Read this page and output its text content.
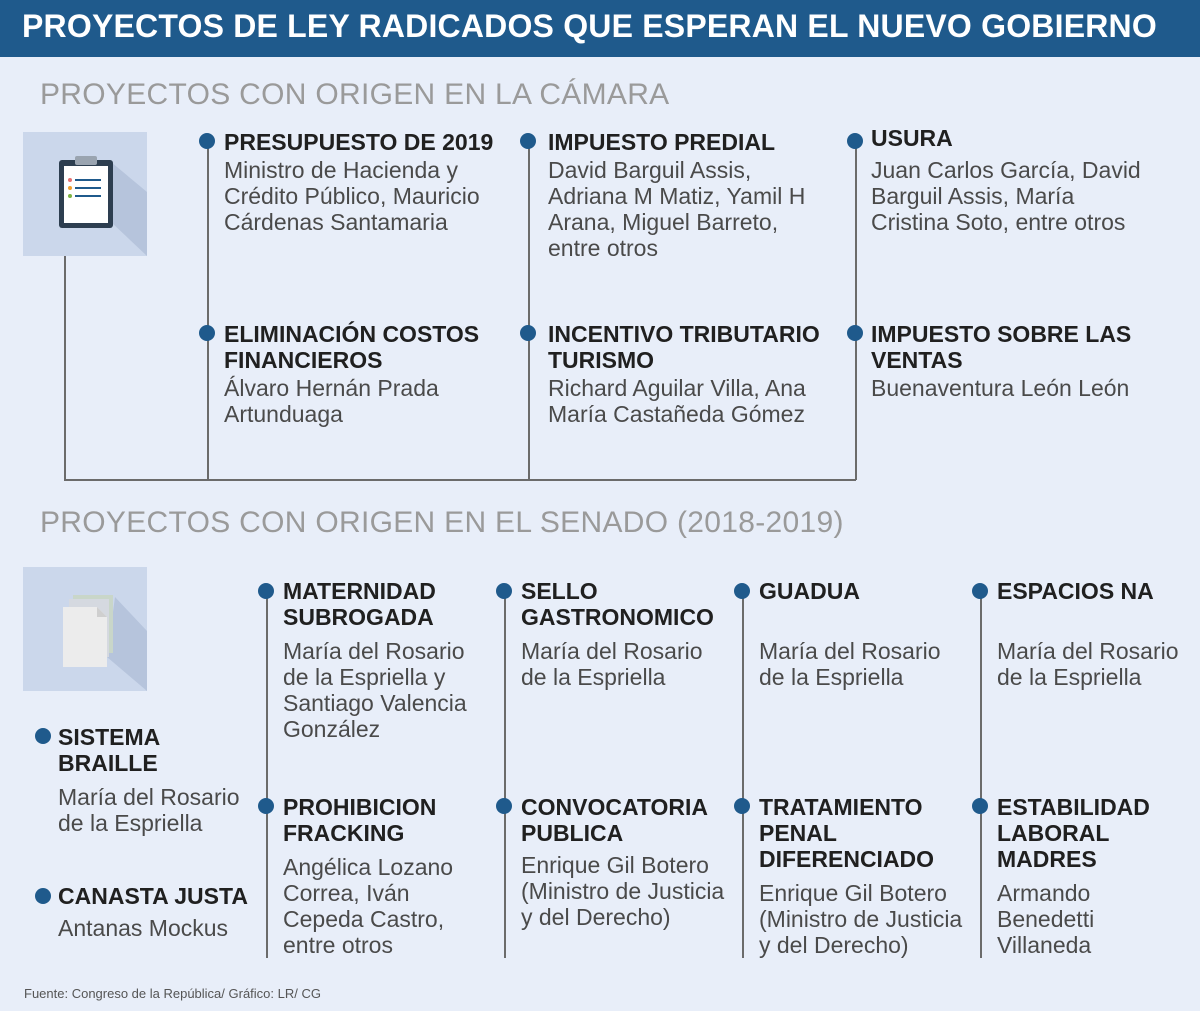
PROYECTOS DE LEY RADICADOS QUE ESPERAN EL NUEVO GOBIERNO
PROYECTOS CON ORIGEN EN LA CÁMARA
PRESUPUESTO DE 2019
Ministro de Hacienda y Crédito Público, Mauricio Cárdenas Santamaria
IMPUESTO PREDIAL
David Barguil Assis, Adriana M Matiz, Yamil H Arana, Miguel Barreto, entre otros
USURA
Juan Carlos García, David Barguil Assis, María Cristina Soto, entre otros
ELIMINACIÓN COSTOS FINANCIEROS
Álvaro Hernán Prada Artunduaga
INCENTIVO TRIBUTARIO TURISMO
Richard Aguilar Villa, Ana María Castañeda Gómez
IMPUESTO SOBRE LAS VENTAS
Buenaventura León León
PROYECTOS CON ORIGEN EN EL SENADO (2018-2019)
SISTEMA BRAILLE
María del Rosario de la Espriella
CANASTA JUSTA
Antanas Mockus
MATERNIDAD SUBROGADA
María del Rosario de la Espriella y Santiago Valencia González
SELLO GASTRONOMICO
María del Rosario de la Espriella
GUADUA
María del Rosario de la Espriella
ESPACIOS NA
María del Rosario de la Espriella
PROHIBICION FRACKING
Angélica Lozano Correa, Iván Cepeda Castro, entre otros
CONVOCATORIA PUBLICA
Enrique Gil Botero (Ministro de Justicia y del Derecho)
TRATAMIENTO PENAL DIFERENCIADO
Enrique Gil Botero (Ministro de Justicia y del Derecho)
ESTABILIDAD LABORAL MADRES
Armando Benedetti Villaneda
Fuente: Congreso de la República/ Gráfico: LR/ CG
